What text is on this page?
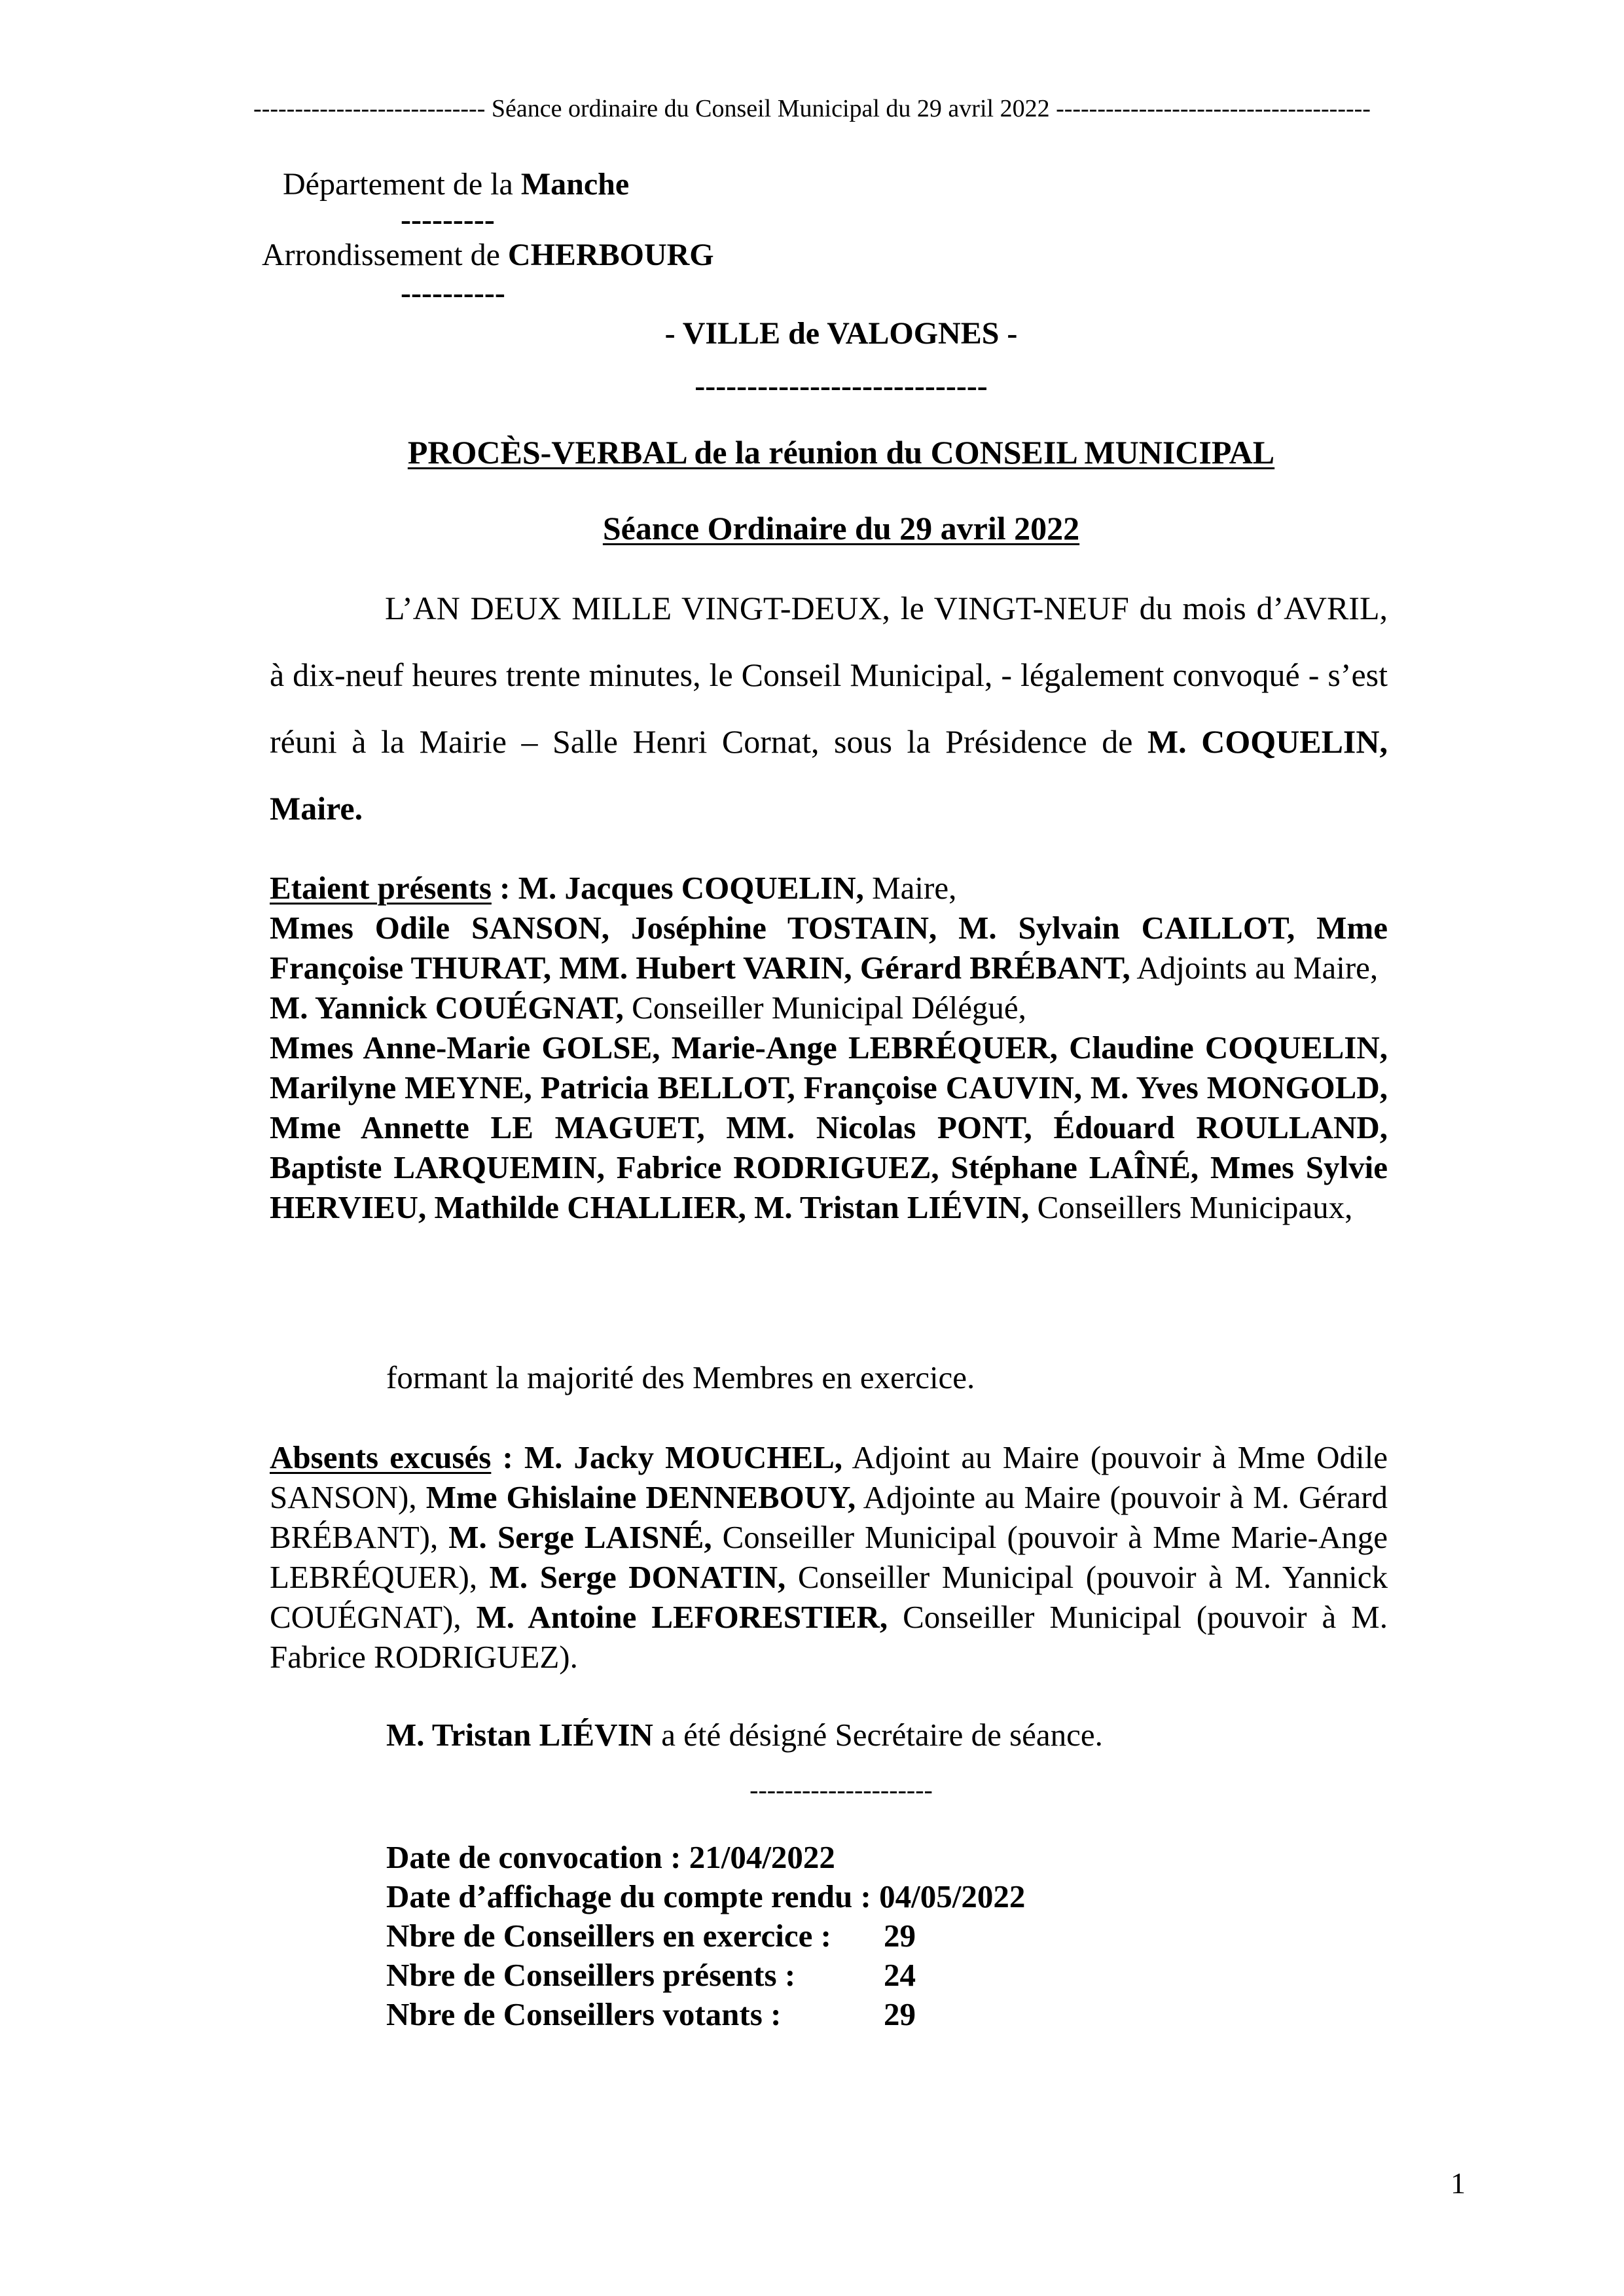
---------------------------- Séance ordinaire du Conseil Municipal du 29 avril 2022 --------------------------------------
Département de la Manche
---------
Arrondissement de CHERBOURG
----------
- VILLE de VALOGNES -
----------------------------
PROCÈS-VERBAL de la réunion du CONSEIL MUNICIPAL
Séance Ordinaire du 29 avril 2022
L’AN DEUX MILLE VINGT-DEUX, le VINGT-NEUF du mois d’AVRIL, à dix-neuf heures trente minutes, le Conseil Municipal, - légalement convoqué - s’est réuni à la Mairie – Salle Henri Cornat, sous la Présidence de M. COQUELIN, Maire.
Etaient présents : M. Jacques COQUELIN, Maire,
Mmes Odile SANSON, Joséphine TOSTAIN, M. Sylvain CAILLOT, Mme Françoise THURAT, MM. Hubert VARIN, Gérard BRÉBANT, Adjoints au Maire,
M. Yannick COUÉGNAT, Conseiller Municipal Délégué,
Mmes Anne-Marie GOLSE, Marie-Ange LEBRÉQUER, Claudine COQUELIN, Marilyne MEYNE, Patricia BELLOT, Françoise CAUVIN, M. Yves MONGOLD, Mme Annette LE MAGUET, MM. Nicolas PONT, Édouard ROULLAND, Baptiste LARQUEMIN, Fabrice RODRIGUEZ, Stéphane LAÎNÉ, Mmes Sylvie HERVIEU, Mathilde CHALLIER, M. Tristan LIÉVIN, Conseillers Municipaux,
formant la majorité des Membres en exercice.
Absents excusés : M. Jacky MOUCHEL, Adjoint au Maire (pouvoir à Mme Odile SANSON), Mme Ghislaine DENNEBOUY, Adjointe au Maire (pouvoir à M. Gérard BRÉBANT), M. Serge LAISNÉ, Conseiller Municipal (pouvoir à Mme Marie-Ange LEBRÉQUER), M. Serge DONATIN, Conseiller Municipal (pouvoir à M. Yannick COUÉGNAT), M. Antoine LEFORESTIER, Conseiller Municipal (pouvoir à M. Fabrice RODRIGUEZ).
M. Tristan LIÉVIN a été désigné Secrétaire de séance.
---------------------
Date de convocation : 21/04/2022
Date d’affichage du compte rendu : 04/05/2022
Nbre de Conseillers en exercice : 29
Nbre de Conseillers présents :	24
Nbre de Conseillers votants :	29
1
